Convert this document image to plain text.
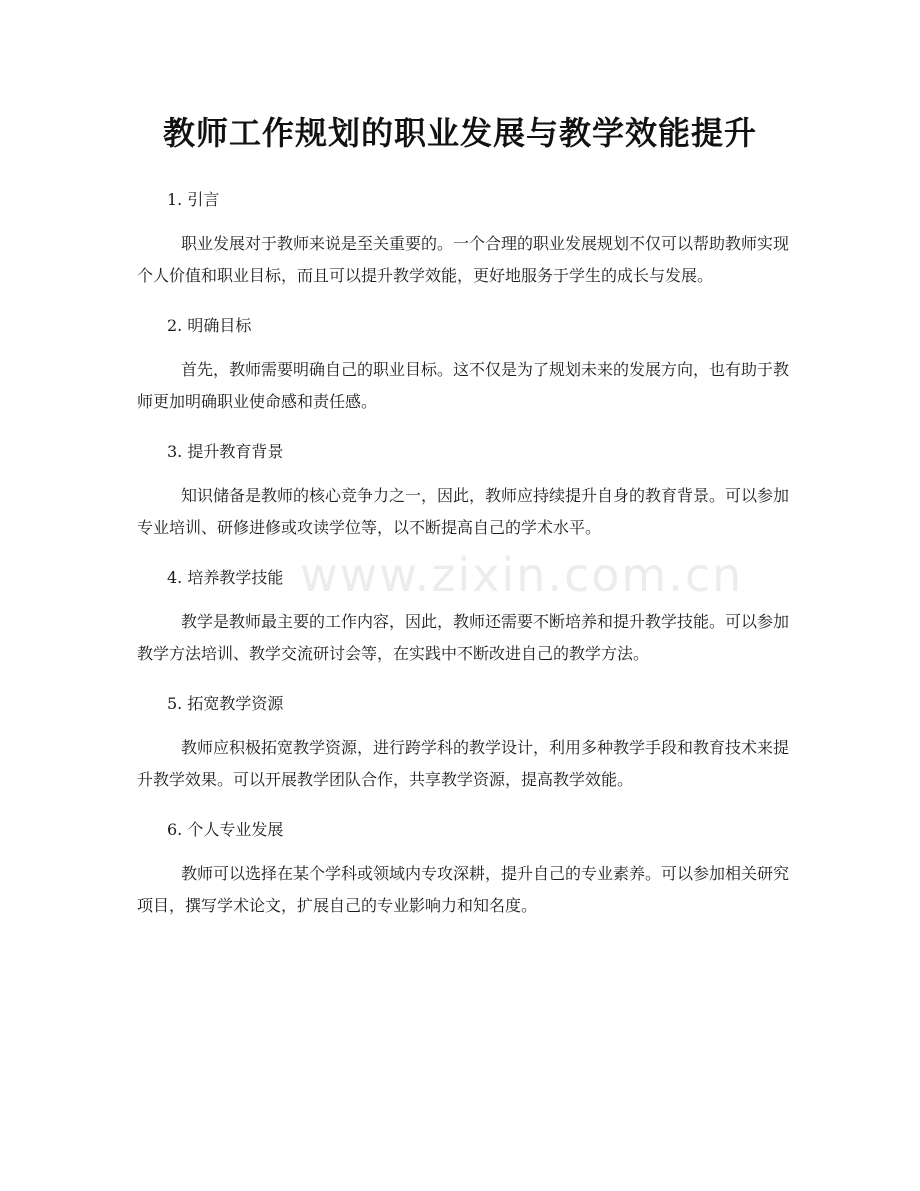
教师工作规划的职业发展与教学效能提升
www.zixin.com.cn

1. 引言

职业发展对于教师来说是至关重要的。一个合理的职业发展规划不仅可以帮助教师实现个人价值和职业目标，而且可以提升教学效能，更好地服务于学生的成长与发展。

2. 明确目标

首先，教师需要明确自己的职业目标。这不仅是为了规划未来的发展方向，也有助于教师更加明确职业使命感和责任感。

3. 提升教育背景

知识储备是教师的核心竞争力之一，因此，教师应持续提升自身的教育背景。可以参加专业培训、研修进修或攻读学位等，以不断提高自己的学术水平。

4. 培养教学技能

教学是教师最主要的工作内容，因此，教师还需要不断培养和提升教学技能。可以参加教学方法培训、教学交流研讨会等，在实践中不断改进自己的教学方法。

5. 拓宽教学资源

教师应积极拓宽教学资源，进行跨学科的教学设计，利用多种教学手段和教育技术来提升教学效果。可以开展教学团队合作，共享教学资源，提高教学效能。

6. 个人专业发展

教师可以选择在某个学科或领域内专攻深耕，提升自己的专业素养。可以参加相关研究项目，撰写学术论文，扩展自己的专业影响力和知名度。
